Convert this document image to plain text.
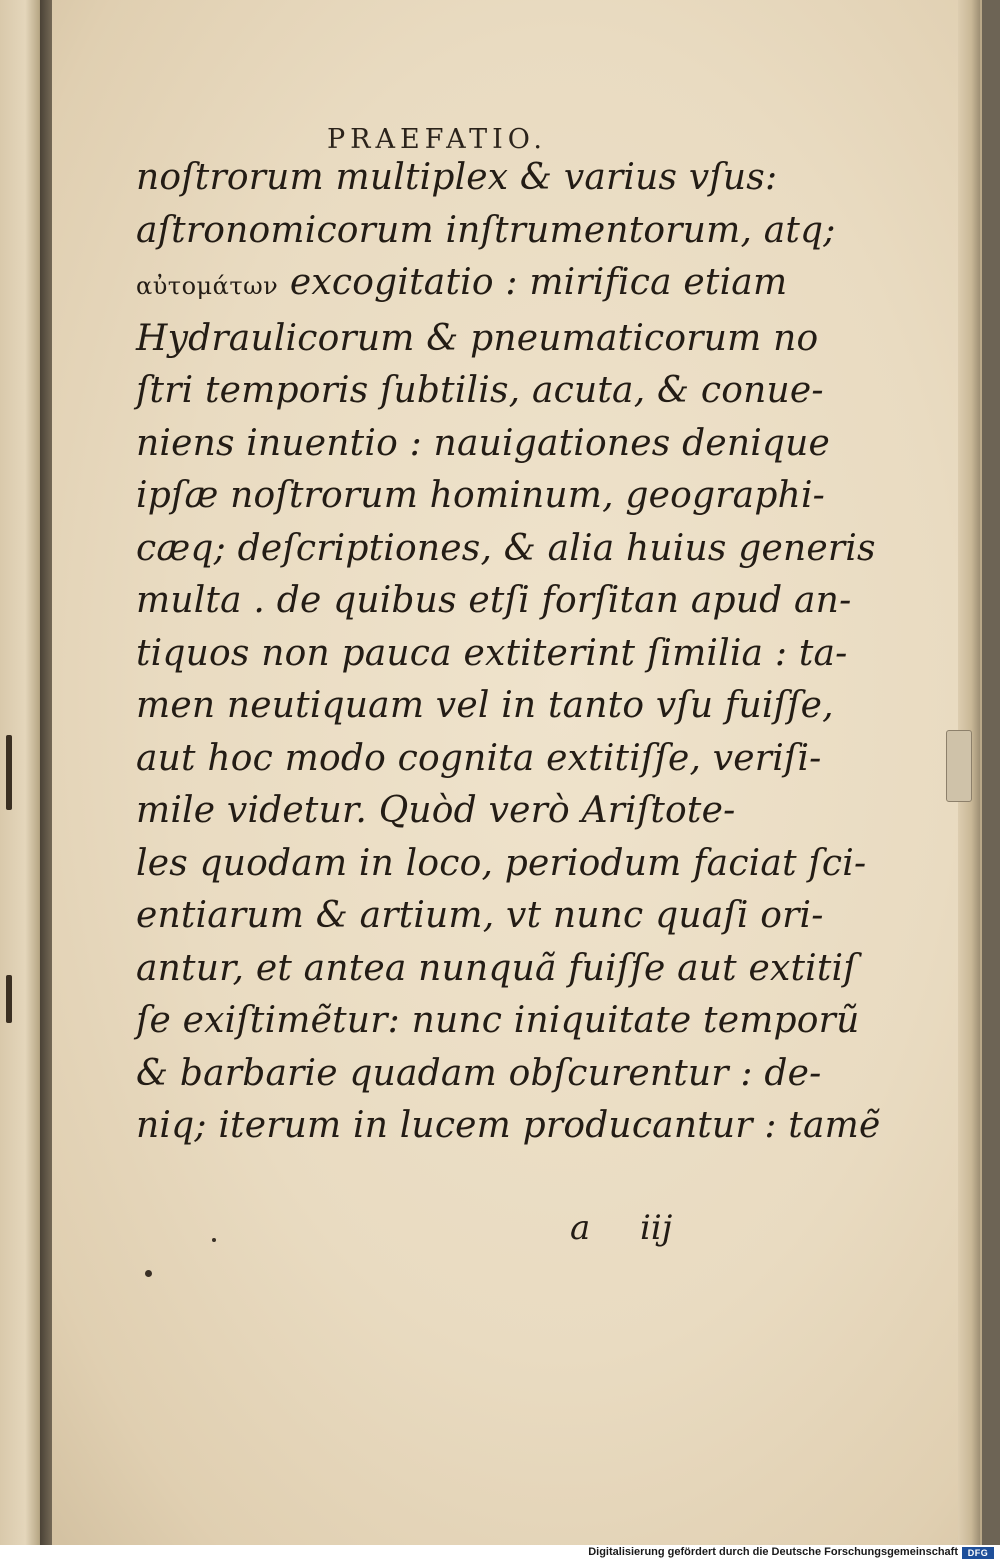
PRAEFATIO.
noſtrorum multiplex & varius vſus:
aſtronomicorum inſtrumentorum, atq;
αὐτομάτων excogitatio : mirifica etiam
Hydraulicorum & pneumaticorum no
ſtri temporis ſubtilis, acuta, & conue-
niens inuentio : nauigationes denique
ipſæ noſtrorum hominum, geographi-
cæq; deſcriptiones, & alia huius generis
multa . de quibus etſi forſitan apud an-
tiquos non pauca extiterint ſimilia : ta-
men neutiquam vel in tanto vſu fuiſſe,
aut hoc modo cognita extitiſſe, veriſi-
mile videtur. Quòd verò Ariſtote-
les quodam in loco, periodum faciat ſci-
entiarum & artium, vt nunc quaſi ori-
antur, et antea nunquã fuiſſe aut extitiſ
ſe exiſtimẽtur: nunc iniquitate temporũ
& barbarie quadam obſcurentur : de-
niq; iterum in lucem producantur : tamẽ
a iij
Digitalisierung gefördert durch die Deutsche Forschungsgemeinschaft	DFG
